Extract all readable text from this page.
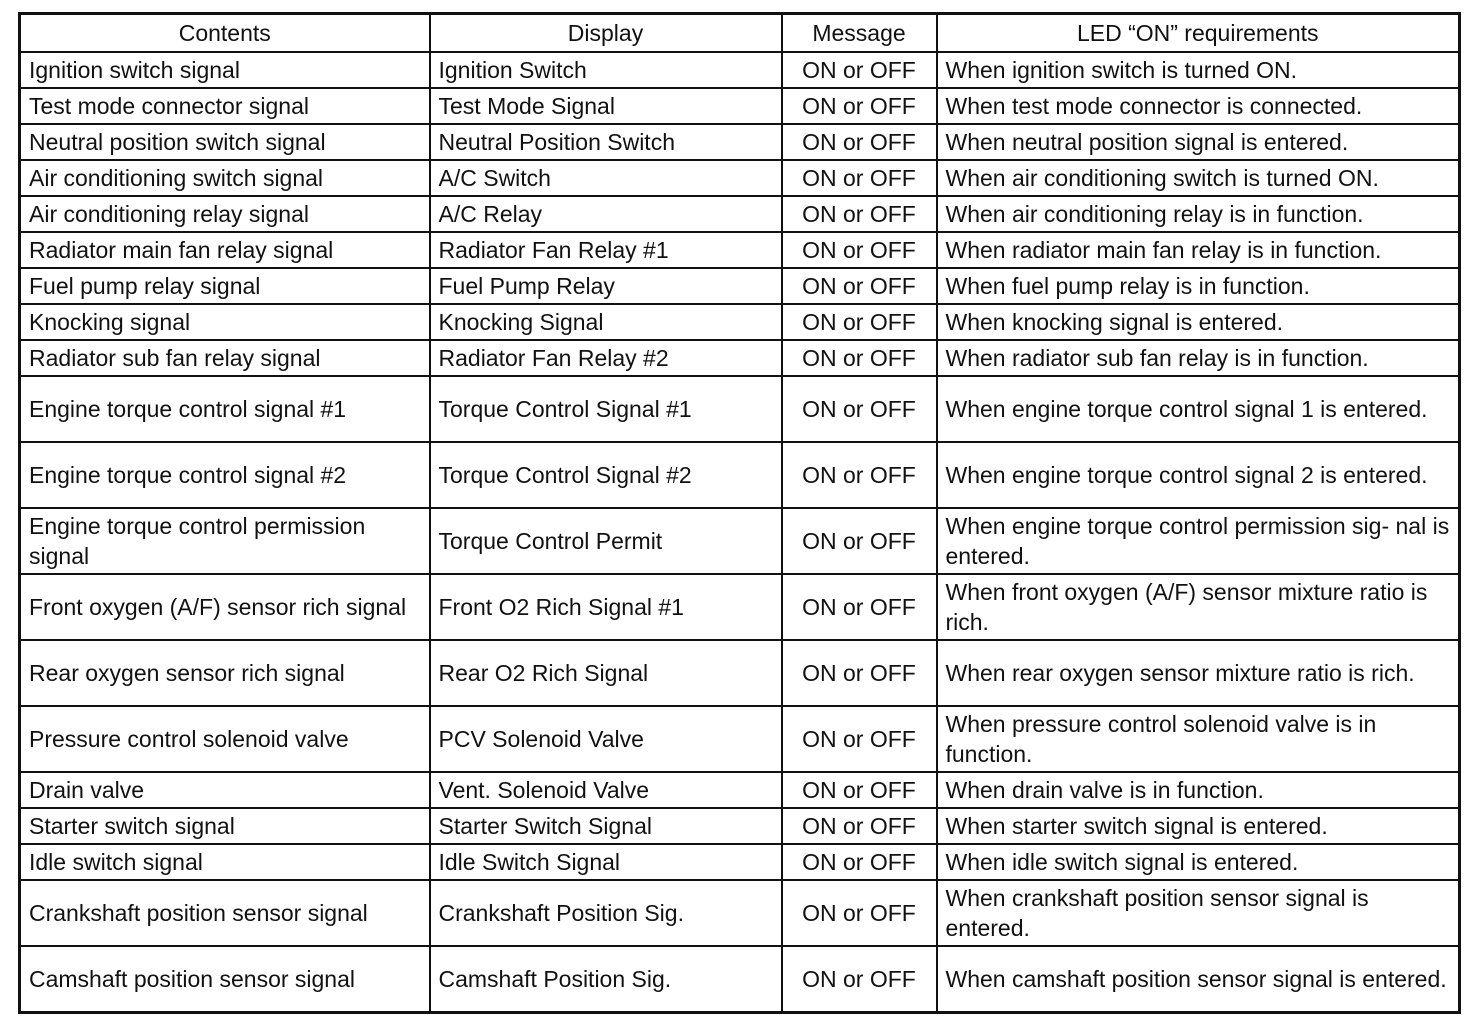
Contents	Display	Message	LED “ON” requirements
Ignition switch signal	Ignition Switch	ON or OFF	When ignition switch is turned ON.
Test mode connector signal	Test Mode Signal	ON or OFF	When test mode connector is connected.
Neutral position switch signal	Neutral Position Switch	ON or OFF	When neutral position signal is entered.
Air conditioning switch signal	A/C Switch	ON or OFF	When air conditioning switch is turned ON.
Air conditioning relay signal	A/C Relay	ON or OFF	When air conditioning relay is in function.
Radiator main fan relay signal	Radiator Fan Relay #1	ON or OFF	When radiator main fan relay is in function.
Fuel pump relay signal	Fuel Pump Relay	ON or OFF	When fuel pump relay is in function.
Knocking signal	Knocking Signal	ON or OFF	When knocking signal is entered.
Radiator sub fan relay signal	Radiator Fan Relay #2	ON or OFF	When radiator sub fan relay is in function.
Engine torque control signal #1	Torque Control Signal #1	ON or OFF	When engine torque control signal 1 is entered.
Engine torque control signal #2	Torque Control Signal #2	ON or OFF	When engine torque control signal 2 is entered.
Engine torque control permission signal	Torque Control Permit	ON or OFF	When engine torque control permission sig- nal is entered.
Front oxygen (A/F) sensor rich signal	Front O2 Rich Signal #1	ON or OFF	When front oxygen (A/F) sensor mixture ratio is rich.
Rear oxygen sensor rich signal	Rear O2 Rich Signal	ON or OFF	When rear oxygen sensor mixture ratio is rich.
Pressure control solenoid valve	PCV Solenoid Valve	ON or OFF	When pressure control solenoid valve is in function.
Drain valve	Vent. Solenoid Valve	ON or OFF	When drain valve is in function.
Starter switch signal	Starter Switch Signal	ON or OFF	When starter switch signal is entered.
Idle switch signal	Idle Switch Signal	ON or OFF	When idle switch signal is entered.
Crankshaft position sensor signal	Crankshaft Position Sig.	ON or OFF	When crankshaft position sensor signal is entered.
Camshaft position sensor signal	Camshaft Position Sig.	ON or OFF	When camshaft position sensor signal is entered.
